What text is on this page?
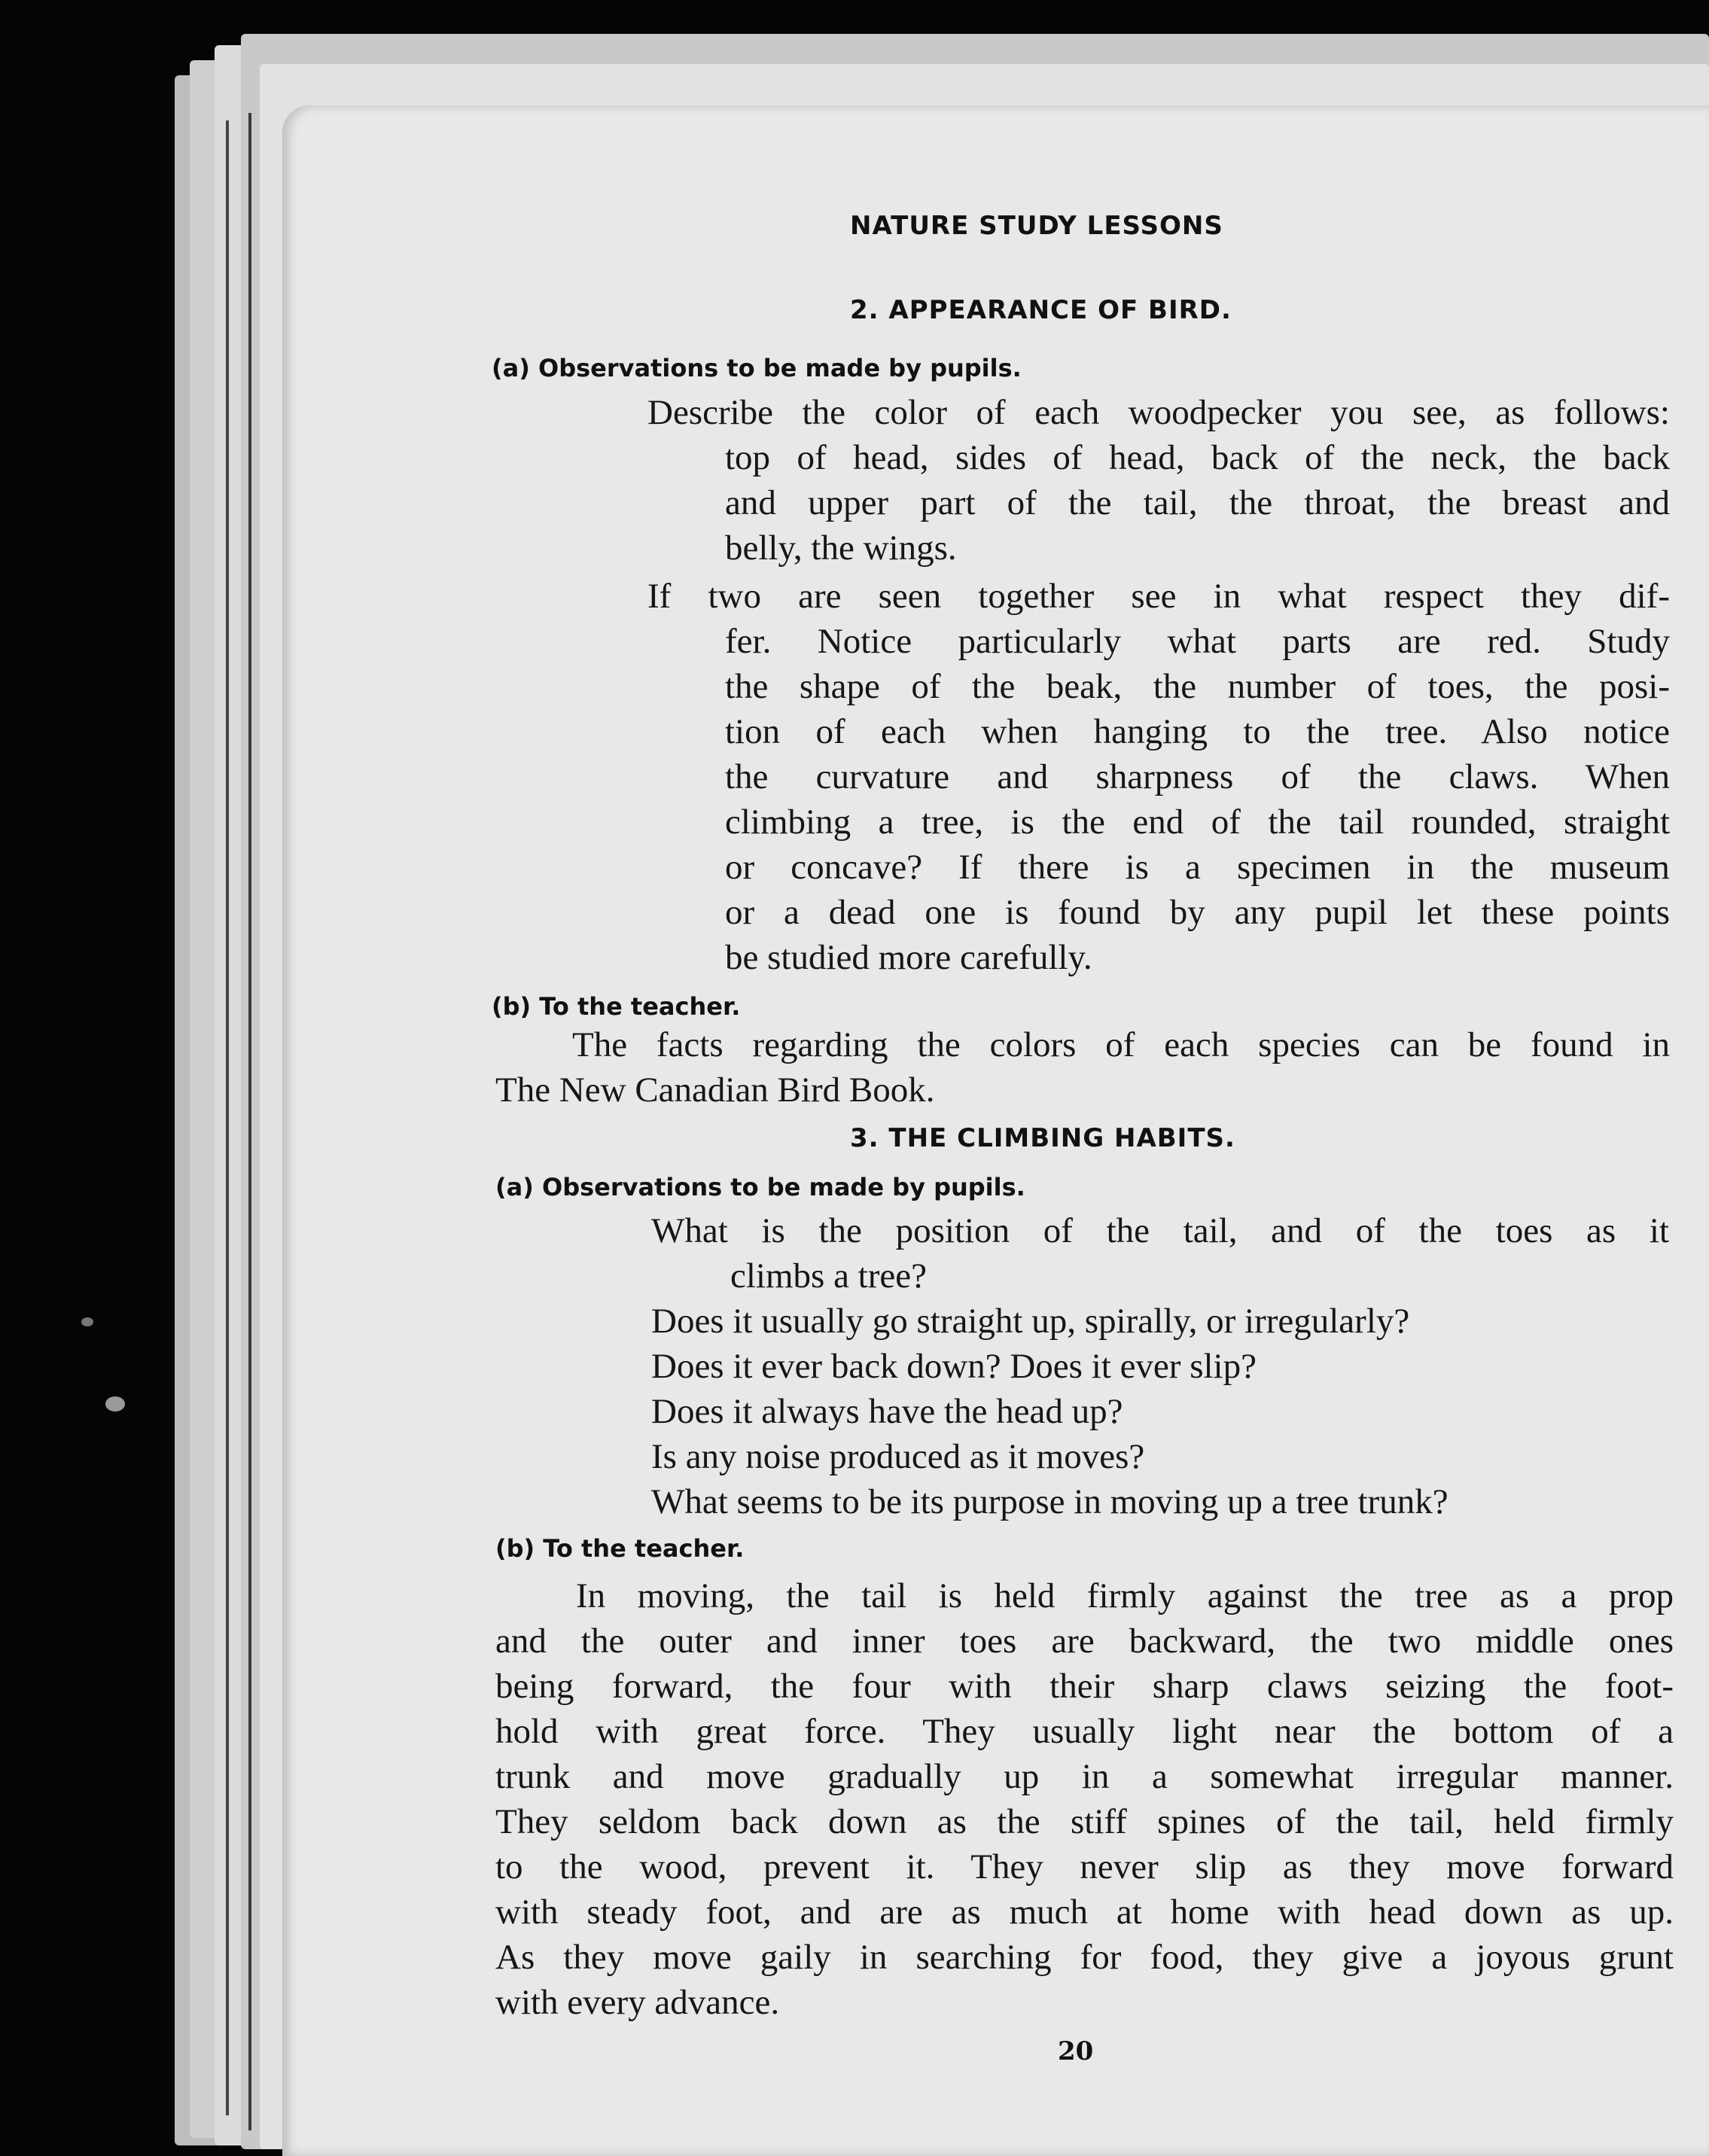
NATURE STUDY LESSONS
2. APPEARANCE OF BIRD.
(a) Observations to be made by pupils.
Describe the color of each woodpecker you see, as follows:
top of head, sides of head, back of the neck, the back
and upper part of the tail, the throat, the breast and
belly, the wings.
If two are seen together see in what respect they dif-
fer. Notice particularly what parts are red. Study
the shape of the beak, the number of toes, the posi-
tion of each when hanging to the tree. Also notice
the curvature and sharpness of the claws. When
climbing a tree, is the end of the tail rounded, straight
or concave? If there is a specimen in the museum
or a dead one is found by any pupil let these points
be studied more carefully.
(b) To the teacher.
The facts regarding the colors of each species can be found in
The New Canadian Bird Book.
3. THE CLIMBING HABITS.
(a) Observations to be made by pupils.
What is the position of the tail, and of the toes as it
climbs a tree?
Does it usually go straight up, spirally, or irregularly?
Does it ever back down? Does it ever slip?
Does it always have the head up?
Is any noise produced as it moves?
What seems to be its purpose in moving up a tree trunk?
(b) To the teacher.
In moving, the tail is held firmly against the tree as a prop
and the outer and inner toes are backward, the two middle ones
being forward, the four with their sharp claws seizing the foot-
hold with great force. They usually light near the bottom of a
trunk and move gradually up in a somewhat irregular manner.
They seldom back down as the stiff spines of the tail, held firmly
to the wood, prevent it. They never slip as they move forward
with steady foot, and are as much at home with head down as up.
As they move gaily in searching for food, they give a joyous grunt
with every advance.
20
